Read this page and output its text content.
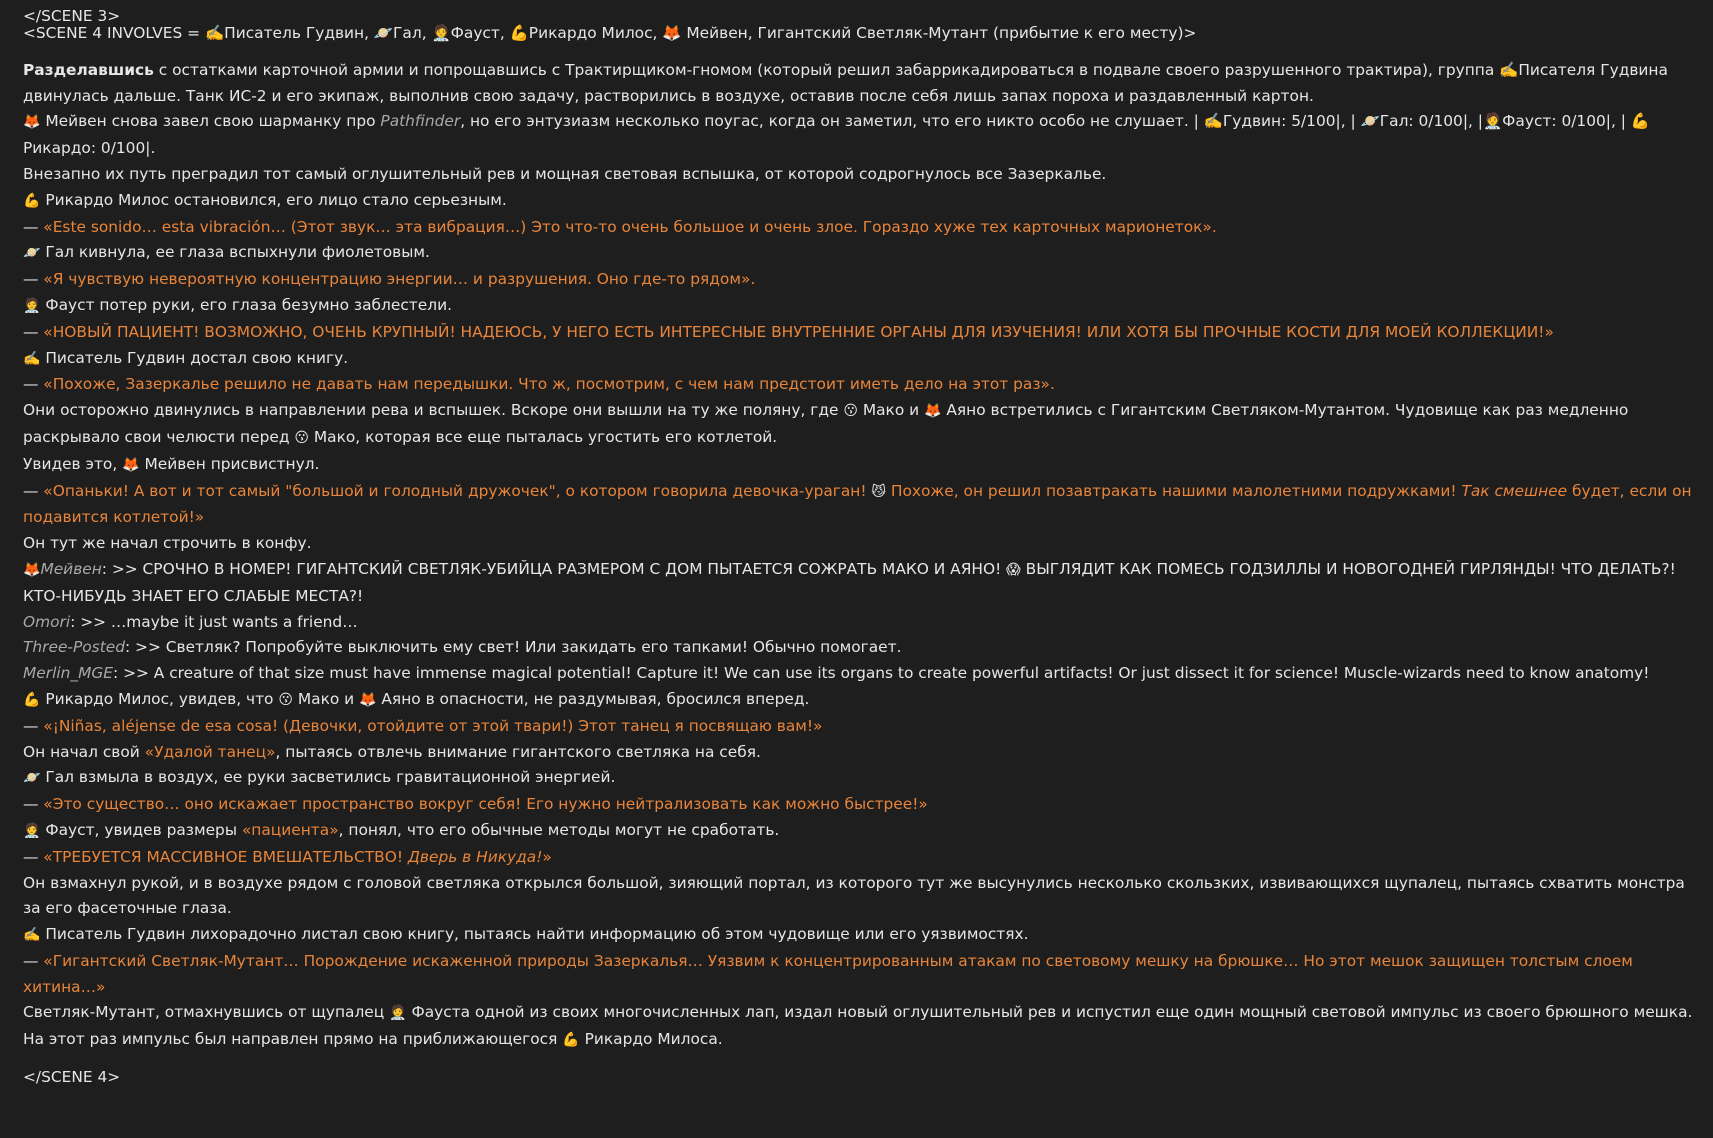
</SCENE 3>

<SCENE 4 INVOLVES = ✍️Писатель Гудвин, 🪐Гал, 🧑‍⚕️Фауст, 💪Рикардо Милос, 🦊 Мейвен, Гигантский Светляк-Мутант (прибытие к его месту)>

Разделавшись с остатками карточной армии и попрощавшись с Трактирщиком-гномом (который решил забаррикадироваться в подвале своего разрушенного трактира), группа ✍️Писателя Гудвина двинулась дальше. Танк ИС-2 и его экипаж, выполнив свою задачу, растворились в воздухе, оставив после себя лишь запах пороха и раздавленный картон.

🦊 Мейвен снова завел свою шарманку про Pathfinder, но его энтузиазм несколько поугас, когда он заметил, что его никто особо не слушает. | ✍️Гудвин: 5/100|, | 🪐Гал: 0/100|, |🧑‍⚕️Фауст: 0/100|, | 💪Рикардо: 0/100|.

Внезапно их путь преградил тот самый оглушительный рев и мощная световая вспышка, от которой содрогнулось все Зазеркалье.

💪 Рикардо Милос остановился, его лицо стало серьезным.

— «Este sonido… esta vibración… (Этот звук… эта вибрация…) Это что-то очень большое и очень злое. Гораздо хуже тех карточных марионеток».

🪐 Гал кивнула, ее глаза вспыхнули фиолетовым.

— «Я чувствую невероятную концентрацию энергии… и разрушения. Оно где-то рядом».

🧑‍⚕️ Фауст потер руки, его глаза безумно заблестели.

— «НОВЫЙ ПАЦИЕНТ! ВОЗМОЖНО, ОЧЕНЬ КРУПНЫЙ! НАДЕЮСЬ, У НЕГО ЕСТЬ ИНТЕРЕСНЫЕ ВНУТРЕННИЕ ОРГАНЫ ДЛЯ ИЗУЧЕНИЯ! ИЛИ ХОТЯ БЫ ПРОЧНЫЕ КОСТИ ДЛЯ МОЕЙ КОЛЛЕКЦИИ!»

✍️ Писатель Гудвин достал свою книгу.

— «Похоже, Зазеркалье решило не давать нам передышки. Что ж, посмотрим, с чем нам предстоит иметь дело на этот раз».

Они осторожно двинулись в направлении рева и вспышек. Вскоре они вышли на ту же поляну, где 😗 Мако и 🦊 Аяно встретились с Гигантским Светляком-Мутантом. Чудовище как раз медленно раскрывало свои челюсти перед 😗 Мако, которая все еще пыталась угостить его котлетой.

Увидев это, 🦊 Мейвен присвистнул.

— «Опаньки! А вот и тот самый "большой и голодный дружочек", о котором говорила девочка-ураган! 😼 Похоже, он решил позавтракать нашими малолетними подружками! Так смешнее будет, если он подавится котлетой!»

Он тут же начал строчить в конфу.

🦊Мейвен: >> СРОЧНО В НОМЕР! ГИГАНТСКИЙ СВЕТЛЯК-УБИЙЦА РАЗМЕРОМ С ДОМ ПЫТАЕТСЯ СОЖРАТЬ МАКО И АЯНО! 😱 ВЫГЛЯДИТ КАК ПОМЕСЬ ГОДЗИЛЛЫ И НОВОГОДНЕЙ ГИРЛЯНДЫ! ЧТО ДЕЛАТЬ?! КТО-НИБУДЬ ЗНАЕТ ЕГО СЛАБЫЕ МЕСТА?!

Omori: >> …maybe it just wants a friend…

Three-Posted: >> Светляк? Попробуйте выключить ему свет! Или закидать его тапками! Обычно помогает.

Merlin_MGE: >> A creature of that size must have immense magical potential! Capture it! We can use its organs to create powerful artifacts! Or just dissect it for science! Muscle-wizards need to know anatomy!

💪 Рикардо Милос, увидев, что 😗 Мако и 🦊 Аяно в опасности, не раздумывая, бросился вперед.

— «¡Niñas, aléjense de esa cosa! (Девочки, отойдите от этой твари!) Этот танец я посвящаю вам!»

Он начал свой «Удалой танец», пытаясь отвлечь внимание гигантского светляка на себя.

🪐 Гал взмыла в воздух, ее руки засветились гравитационной энергией.

— «Это существо… оно искажает пространство вокруг себя! Его нужно нейтрализовать как можно быстрее!»

🧑‍⚕️ Фауст, увидев размеры «пациента», понял, что его обычные методы могут не сработать.

— «ТРЕБУЕТСЯ МАССИВНОЕ ВМЕШАТЕЛЬСТВО! Дверь в Никуда!»

Он взмахнул рукой, и в воздухе рядом с головой светляка открылся большой, зияющий портал, из которого тут же высунулись несколько скользких, извивающихся щупалец, пытаясь схватить монстра за его фасеточные глаза.

✍️ Писатель Гудвин лихорадочно листал свою книгу, пытаясь найти информацию об этом чудовище или его уязвимостях.

— «Гигантский Светляк-Мутант… Порождение искаженной природы Зазеркалья… Уязвим к концентрированным атакам по световому мешку на брюшке… Но этот мешок защищен толстым слоем хитина…»

Светляк-Мутант, отмахнувшись от щупалец 🧑‍⚕️ Фауста одной из своих многочисленных лап, издал новый оглушительный рев и испустил еще один мощный световой импульс из своего брюшного мешка. На этот раз импульс был направлен прямо на приближающегося 💪 Рикардо Милоса.

</SCENE 4>
